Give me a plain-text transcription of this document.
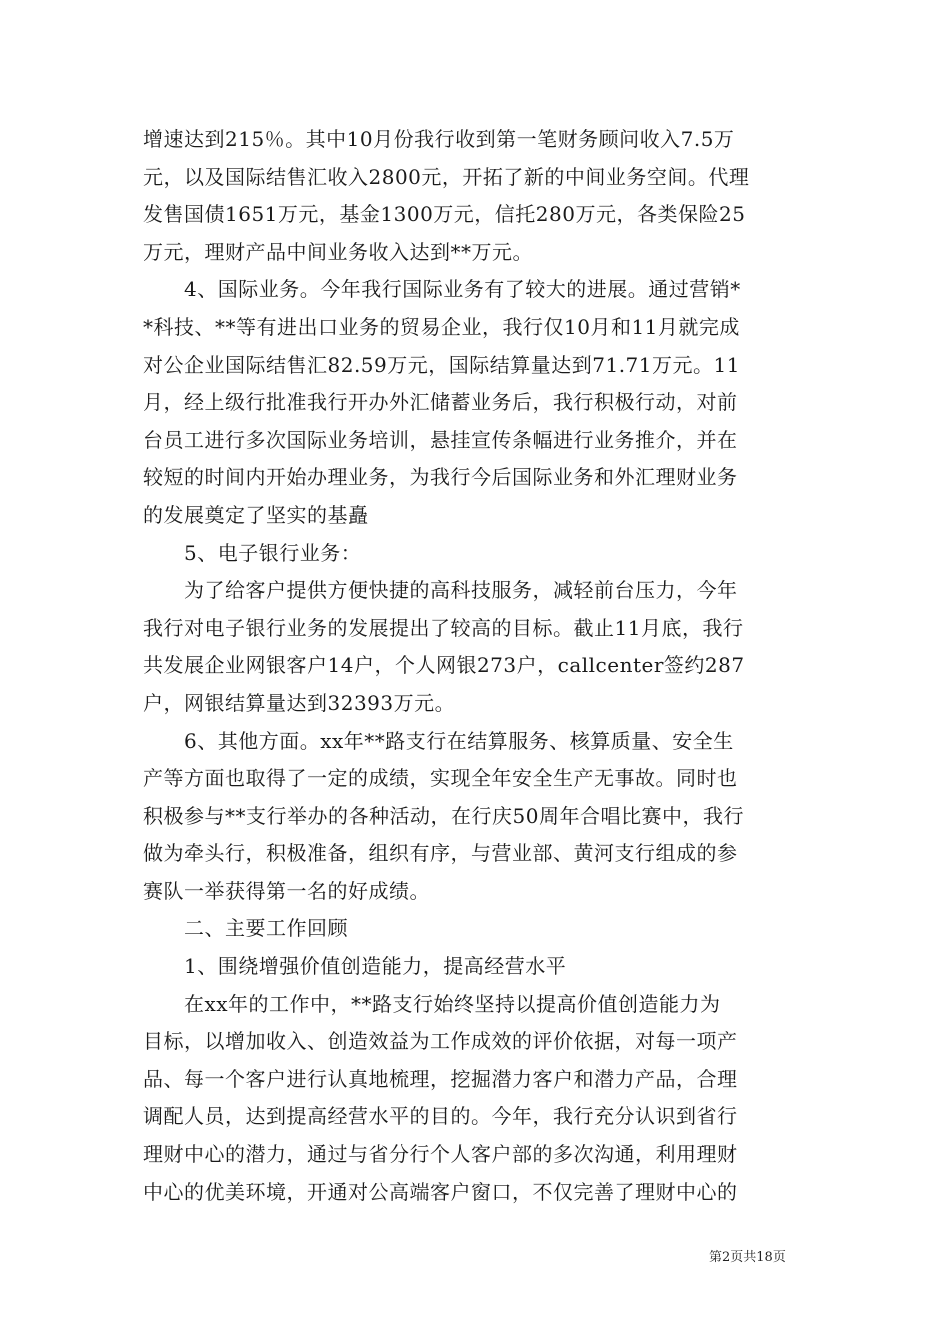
增速达到215％。其中10月份我行收到第一笔财务顾问收入7.5万
元，以及国际结售汇收入2800元，开拓了新的中间业务空间。代理
发售国债1651万元，基金1300万元，信托280万元，各类保险25
万元，理财产品中间业务收入达到**万元。
　　4、国际业务。今年我行国际业务有了较大的进展。通过营销*
*科技、**等有进出口业务的贸易企业，我行仅10月和11月就完成
对公企业国际结售汇82.59万元，国际结算量达到71.71万元。11
月，经上级行批准我行开办外汇储蓄业务后，我行积极行动，对前
台员工进行多次国际业务培训，悬挂宣传条幅进行业务推介，并在
较短的时间内开始办理业务，为我行今后国际业务和外汇理财业务
的发展奠定了坚实的基矗
　　5、电子银行业务：
　　为了给客户提供方便快捷的高科技服务，减轻前台压力，今年
我行对电子银行业务的发展提出了较高的目标。截止11月底，我行
共发展企业网银客户14户，个人网银273户，callcenter签约287
户，网银结算量达到32393万元。
　　6、其他方面。xx年**路支行在结算服务、核算质量、安全生
产等方面也取得了一定的成绩，实现全年安全生产无事故。同时也
积极参与**支行举办的各种活动，在行庆50周年合唱比赛中，我行
做为牵头行，积极准备，组织有序，与营业部、黄河支行组成的参
赛队一举获得第一名的好成绩。
　　二、主要工作回顾
　　1、围绕增强价值创造能力，提高经营水平
　　在xx年的工作中，**路支行始终坚持以提高价值创造能力为
目标，以增加收入、创造效益为工作成效的评价依据，对每一项产
品、每一个客户进行认真地梳理，挖掘潜力客户和潜力产品，合理
调配人员，达到提高经营水平的目的。今年，我行充分认识到省行
理财中心的潜力，通过与省分行个人客户部的多次沟通，利用理财
中心的优美环境，开通对公高端客户窗口，不仅完善了理财中心的
第2页共18页
